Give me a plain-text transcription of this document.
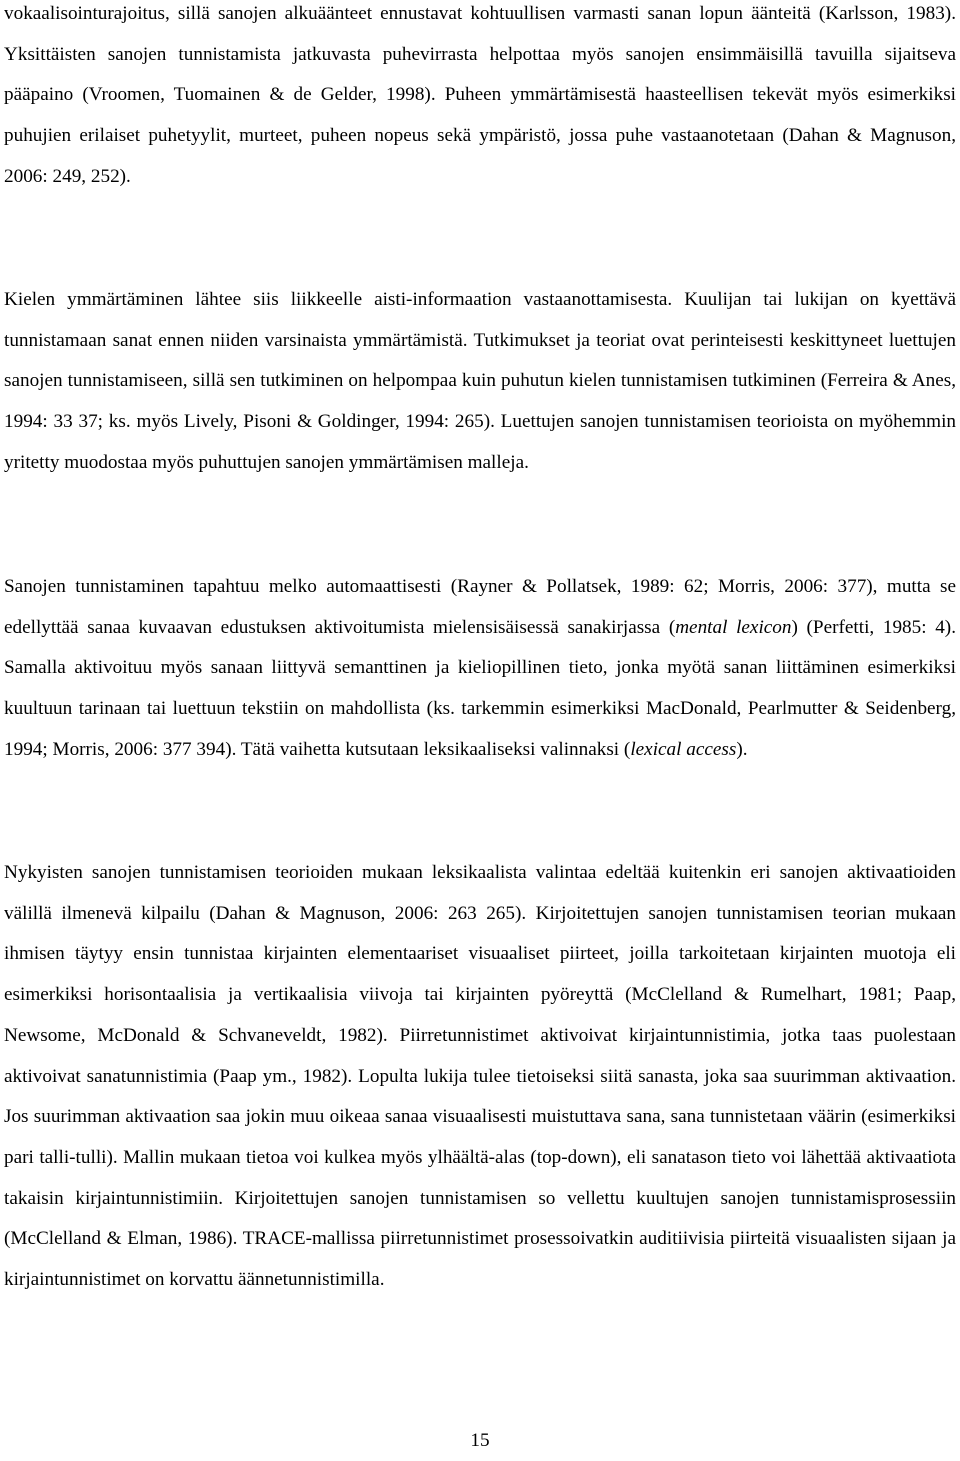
vokaalisointurajoitus, sillä sanojen alkuäänteet ennustavat kohtuullisen varmasti sanan lopun äänteitä (Karlsson, 1983). Yksittäisten sanojen tunnistamista jatkuvasta puhevirrasta helpottaa myös sanojen ensimmäisillä tavuilla sijaitseva pääpaino (Vroomen, Tuomainen & de Gelder, 1998). Puheen ymmärtämisestä haasteellisen tekevät myös esimerkiksi puhujien erilaiset puhetyylit, murteet, puheen nopeus sekä ympäristö, jossa puhe vastaanotetaan (Dahan & Magnuson, 2006: 249, 252).

Kielen ymmärtäminen lähtee siis liikkeelle aisti-informaation vastaanottamisesta. Kuulijan tai lukijan on kyettävä tunnistamaan sanat ennen niiden varsinaista ymmärtämistä. Tutkimukset ja teoriat ovat perinteisesti keskittyneet luettujen sanojen tunnistamiseen, sillä sen tutkiminen on helpompaa kuin puhutun kielen tunnistamisen tutkiminen (Ferreira & Anes, 1994: 33 37; ks. myös Lively, Pisoni & Goldinger, 1994: 265). Luettujen sanojen tunnistamisen teorioista on myöhemmin yritetty muodostaa myös puhuttujen sanojen ymmärtämisen malleja.

Sanojen tunnistaminen tapahtuu melko automaattisesti (Rayner & Pollatsek, 1989: 62; Morris, 2006: 377), mutta se edellyttää sanaa kuvaavan edustuksen aktivoitumista mielensisäisessä sanakirjassa (mental lexicon) (Perfetti, 1985: 4). Samalla aktivoituu myös sanaan liittyvä semanttinen ja kieliopillinen tieto, jonka myötä sanan liittäminen esimerkiksi kuultuun tarinaan tai luettuun tekstiin on mahdollista (ks. tarkemmin esimerkiksi MacDonald, Pearlmutter & Seidenberg, 1994; Morris, 2006: 377 394). Tätä vaihetta kutsutaan leksikaaliseksi valinnaksi (lexical access).

Nykyisten sanojen tunnistamisen teorioiden mukaan leksikaalista valintaa edeltää kuitenkin eri sanojen aktivaatioiden välillä ilmenevä kilpailu (Dahan & Magnuson, 2006: 263 265). Kirjoitettujen sanojen tunnistamisen teorian mukaan ihmisen täytyy ensin tunnistaa kirjainten elementaariset visuaaliset piirteet, joilla tarkoitetaan kirjainten muotoja eli esimerkiksi horisontaalisia ja vertikaalisia viivoja tai kirjainten pyöreyttä (McClelland & Rumelhart, 1981; Paap, Newsome, McDonald & Schvaneveldt, 1982). Piirretunnistimet aktivoivat kirjaintunnistimia, jotka taas puolestaan aktivoivat sanatunnistimia (Paap ym., 1982). Lopulta lukija tulee tietoiseksi siitä sanasta, joka saa suurimman aktivaation. Jos suurimman aktivaation saa jokin muu oikeaa sanaa visuaalisesti muistuttava sana, sana tunnistetaan väärin (esimerkiksi pari talli-tulli). Mallin mukaan tietoa voi kulkea myös ylhäältä-alas (top-down), eli sanatason tieto voi lähettää aktivaatiota takaisin kirjaintunnistimiin. Kirjoitettujen sanojen tunnistamisen so vellettu kuultujen sanojen tunnistamisprosessiin (McClelland & Elman, 1986). TRACE-mallissa piirretunnistimet prosessoivatkin auditiivisia piirteitä visuaalisten sijaan ja kirjaintunnistimet on korvattu äännetunnistimilla.

15
